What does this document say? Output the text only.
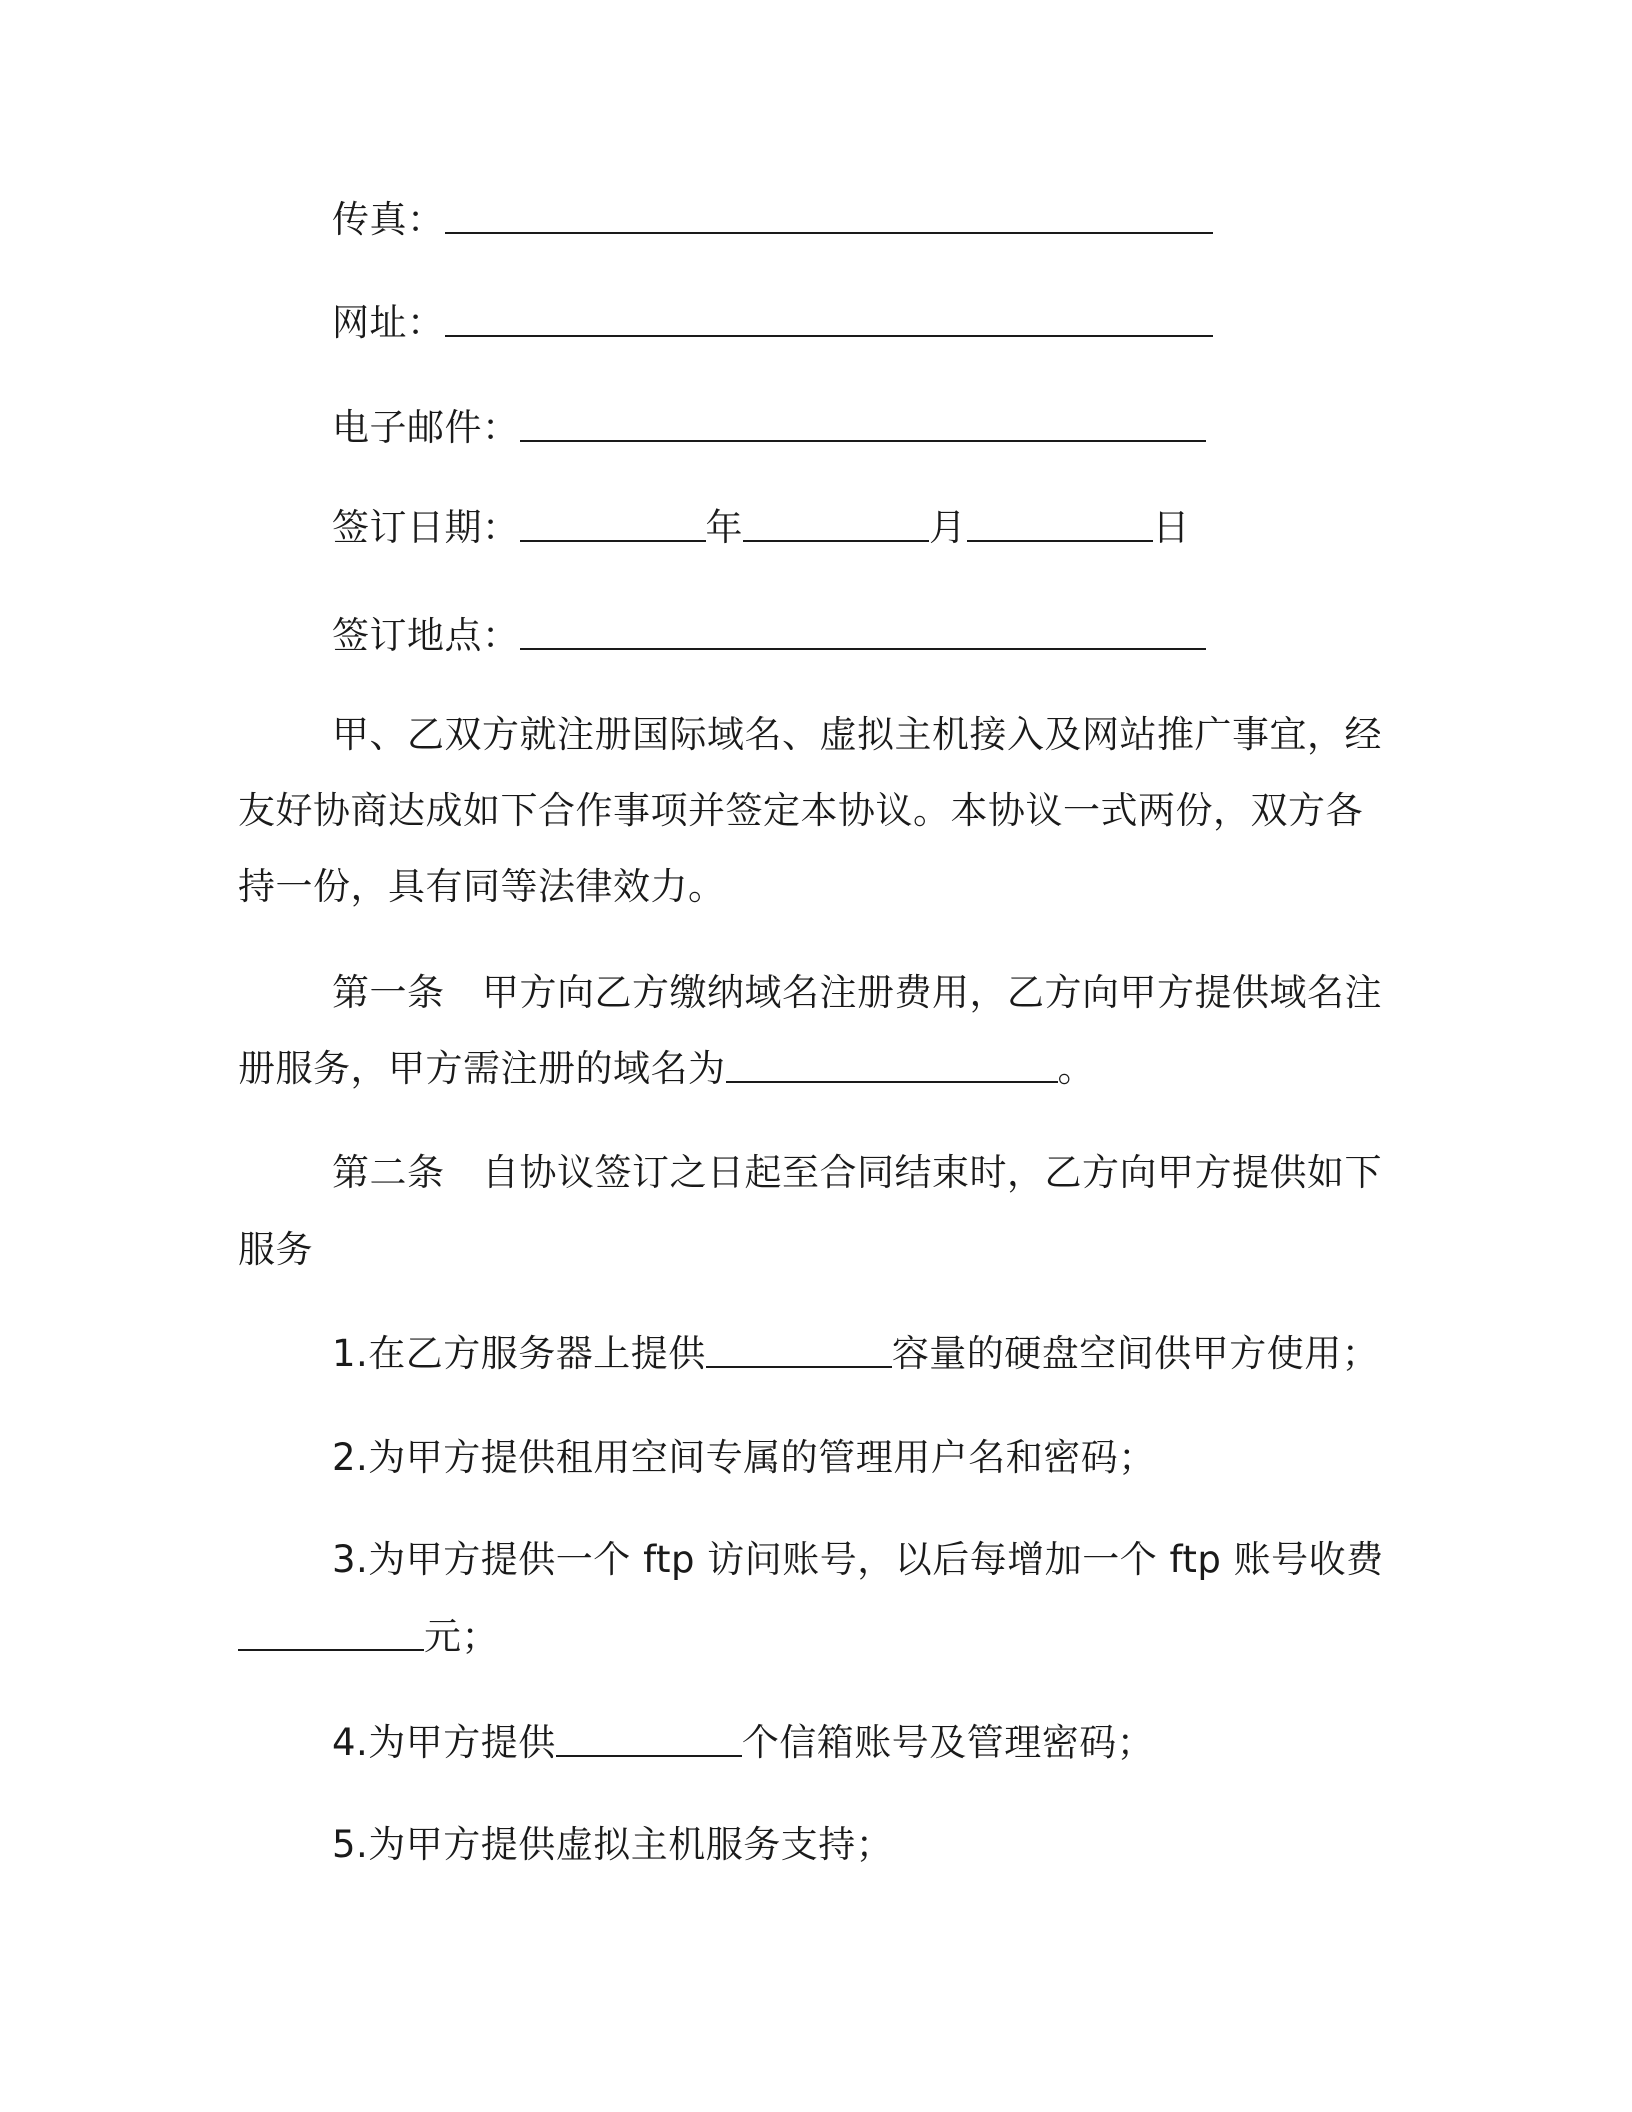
传真：
网址：
电子邮件：
签订日期：	年	月	日
签订地点：
甲、乙双方就注册国际域名、虚拟主机接入及网站推广事宜，经
友好协商达成如下合作事项并签定本协议。本协议一式两份，双方各
持一份，具有同等法律效力。
第一条　甲方向乙方缴纳域名注册费用，乙方向甲方提供域名注
册服务，甲方需注册的域名为	。
第二条　自协议签订之日起至合同结束时，乙方向甲方提供如下
服务
1.在乙方服务器上提供	容量的硬盘空间供甲方使用；
2.为甲方提供租用空间专属的管理用户名和密码；
3.为甲方提供一个 ftp 访问账号，以后每增加一个 ftp 账号收费
元；
4.为甲方提供	个信箱账号及管理密码；
5.为甲方提供虚拟主机服务支持；
